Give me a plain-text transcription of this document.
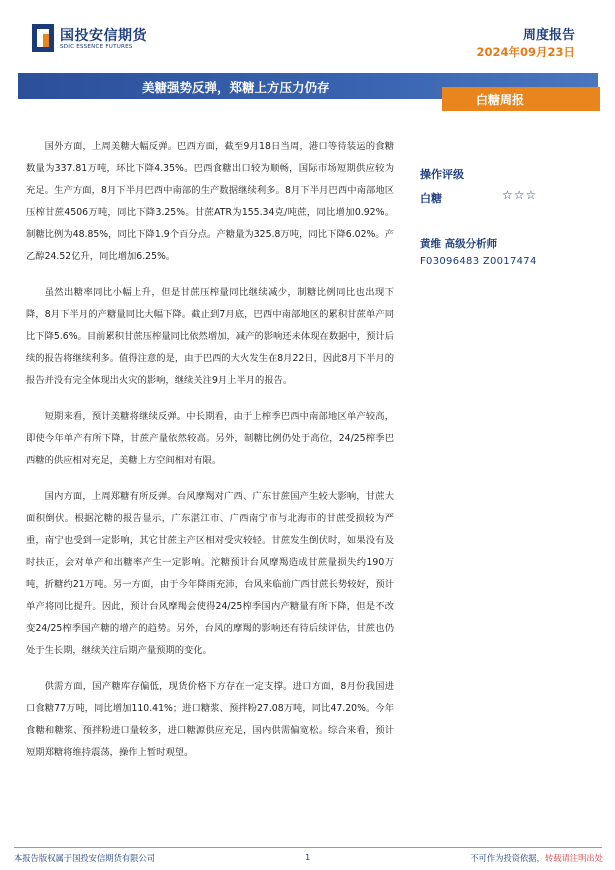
国投安信期货
SDIC ESSENCE FUTURES
周度报告
2024年09月23日
美糖强势反弹，郑糖上方压力仍存
白糖周报

国外方面，上周美糖大幅反弹。巴西方面，截至9月18日当周，港口等待装运的食糖数量为337.81万吨，环比下降4.35%。巴西食糖出口较为顺畅，国际市场短期供应较为充足。生产方面，8月下半月巴西中南部的生产数据继续利多。8月下半月巴西中南部地区压榨甘蔗4506万吨，同比下降3.25%。甘蔗ATR为155.34克/吨蔗，同比增加0.92%。制糖比例为48.85%，同比下降1.9个百分点。产糖量为325.8万吨，同比下降6.02%。产乙醇24.52亿升，同比增加6.25%。

虽然出糖率同比小幅上升，但是甘蔗压榨量同比继续减少，制糖比例同比也出现下降，8月下半月的产糖量同比大幅下降。截止到7月底，巴西中南部地区的累积甘蔗单产同比下降5.6%。目前累积甘蔗压榨量同比依然增加，减产的影响还未体现在数据中，预计后续的报告将继续利多。值得注意的是，由于巴西的大火发生在8月22日，因此8月下半月的报告并没有完全体现出火灾的影响，继续关注9月上半月的报告。

短期来看，预计美糖将继续反弹。中长期看，由于上榨季巴西中南部地区单产较高，即使今年单产有所下降，甘蔗产量依然较高。另外，制糖比例仍处于高位，24/25榨季巴西糖的供应相对充足，美糖上方空间相对有限。

国内方面，上周郑糖有所反弹。台风摩羯对广西、广东甘蔗国产生较大影响，甘蔗大面积倒伏。根据沱糖的报告显示，广东湛江市、广西南宁市与北海市的甘蔗受损较为严重，南宁也受到一定影响，其它甘蔗主产区相对受灾较轻。甘蔗发生倒伏时，如果没有及时扶正，会对单产和出糖率产生一定影响。沱糖预计台风摩羯造成甘蔗量损失约190万吨，折糖约21万吨。另一方面，由于今年降雨充沛，台风来临前广西甘蔗长势较好，预计单产将同比提升。因此，预计台风摩羯会使得24/25榨季国内产糖量有所下降，但是不改变24/25榨季国产糖的增产的趋势。另外，台风的摩羯的影响还有待后续评估，甘蔗也仍处于生长期，继续关注后期产量预期的变化。

供需方面，国产糖库存偏低，现货价格下方存在一定支撑。进口方面，8月份我国进口食糖77万吨，同比增加110.41%；进口糖浆、预拌粉27.08万吨，同比47.20%。今年食糖和糖浆、预拌粉进口量较多，进口糖源供应充足，国内供需偏宽松。综合来看，预计短期郑糖将维持震荡，操作上暂时观望。

操作评级
白糖	☆☆☆
黄维 高级分析师
F03096483 Z0017474
本报告版权属于国投安信期货有限公司	1	不可作为投资依据，转载请注明出处
